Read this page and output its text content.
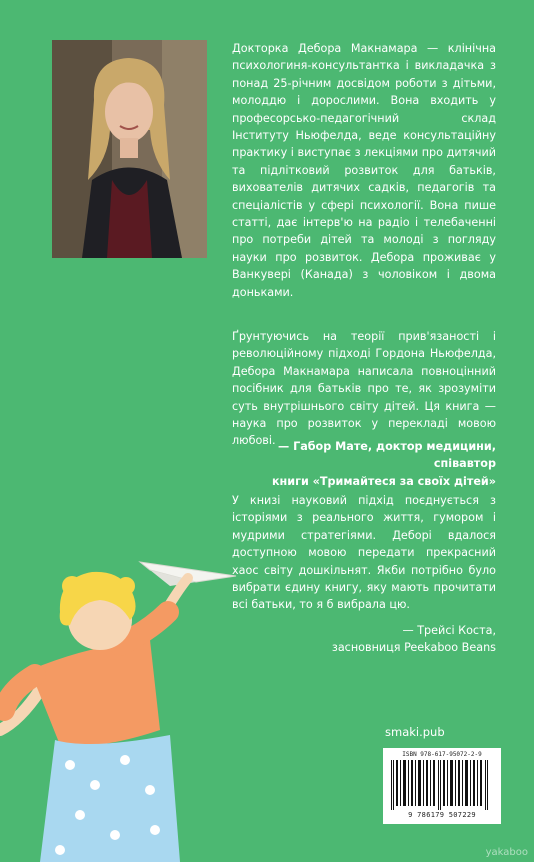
Докторка Дебора Макнамара — клінічна психологиня-консультантка і викладачка з понад 25-річним досвідом роботи з дітьми, молоддю і дорослими. Вона входить у професорсько-педагогічний склад Інституту Ньюфелда, веде консультаційну практику і виступає з лекціями про дитячий та підлітковий розвиток для батьків, вихователів дитячих садків, педагогів та спеціалістів у сфері психології. Вона пише статті, дає інтерв'ю на радіо і телебаченні про потреби дітей та молоді з погляду науки про розвиток. Дебора проживає у Ванкувері (Канада) з чоловіком і двома доньками.

Ґрунтуючись на теорії прив'язаності і революційному підході Гордона Ньюфелда, Дебора Макнамара написала повноцінний посібник для батьків про те, як зрозуміти суть внутрішнього світу дітей. Ця книга — наука про розвиток у перекладі мовою любові. — Габор Мате, доктор медицини, співавтор
книги «Тримайтеся за своїх дітей»

У книзі науковий підхід поєднується з історіями з реального життя, гумором і мудрими стратегіями. Деборі вдалося доступною мовою передати прекрасний хаос світу дошкільнят. Якби потрібно було вибрати єдину книгу, яку мають прочитати всі батьки, то я б вибрала цю.

— Трейсі Коста,
засновниця Peekaboo Beans
smaki.pub
ISBN 978-617-95072-2-9
9 786179 507229
yakaboo
